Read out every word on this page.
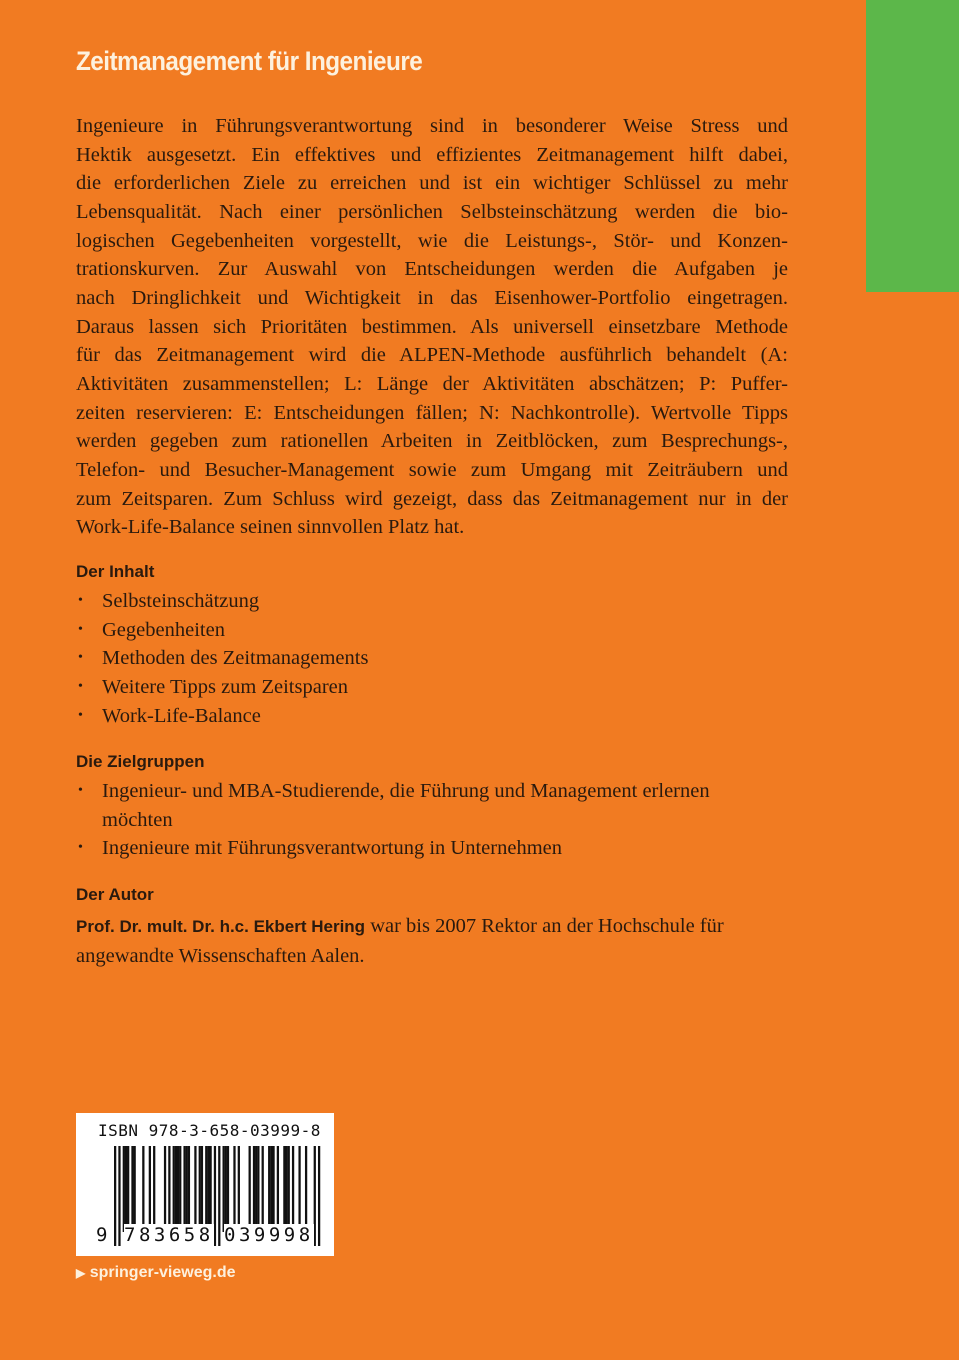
Zeitmanagement für Ingenieure
Ingenieure in Führungsverantwortung sind in besonderer Weise Stress und
Hektik ausgesetzt. Ein effektives und effizientes Zeitmanagement hilft dabei,
die erforderlichen Ziele zu erreichen und ist ein wichtiger Schlüssel zu mehr
Lebensqualität. Nach einer persönlichen Selbsteinschätzung werden die bio-
logischen Gegebenheiten vorgestellt, wie die Leistungs-, Stör- und Konzen-
trationskurven. Zur Auswahl von Entscheidungen werden die Aufgaben je
nach Dringlichkeit und Wichtigkeit in das Eisenhower-Portfolio eingetragen.
Daraus lassen sich Prioritäten bestimmen. Als universell einsetzbare Methode
für das Zeitmanagement wird die ALPEN-Methode ausführlich behandelt (A:
Aktivitäten zusammenstellen; L: Länge der Aktivitäten abschätzen; P: Puffer-
zeiten reservieren: E: Entscheidungen fällen; N: Nachkontrolle). Wertvolle Tipps
werden gegeben zum rationellen Arbeiten in Zeitblöcken, zum Besprechungs-,
Telefon- und Besucher-Management sowie zum Umgang mit Zeiträubern und
zum Zeitsparen. Zum Schluss wird gezeigt, dass das Zeitmanagement nur in der
Work-Life-Balance seinen sinnvollen Platz hat.
Der Inhalt
• Selbsteinschätzung
• Gegebenheiten
• Methoden des Zeitmanagements
• Weitere Tipps zum Zeitsparen
• Work-Life-Balance
Die Zielgruppen
• Ingenieur- und MBA-Studierende, die Führung und Management erlernen möchten
• Ingenieure mit Führungsverantwortung in Unternehmen
Der Autor
Prof. Dr. mult. Dr. h.c. Ekbert Hering war bis 2007 Rektor an der Hochschule für angewandte Wissenschaften Aalen.
ISBN 978-3-658-03999-8
9 783658 039998
▶ springer-vieweg.de
